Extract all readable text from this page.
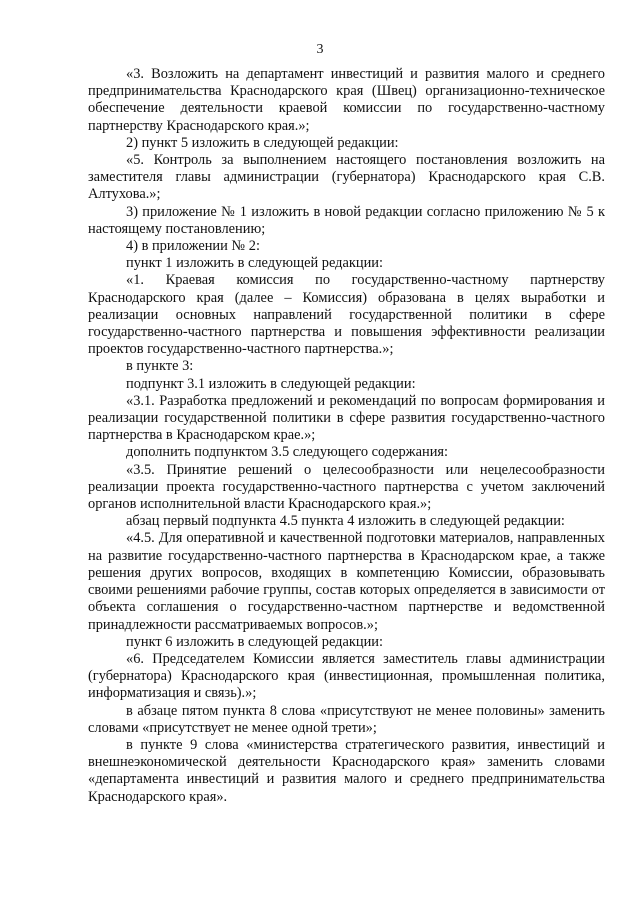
3

«3. Возложить на департамент инвестиций и развития малого и среднего предпринимательства Краснодарского края (Швец) организационно-техническое обеспечение деятельности краевой комиссии по государственно-частному партнерству Краснодарского края.»;

2) пункт 5 изложить в следующей редакции:

«5. Контроль за выполнением настоящего постановления возложить на заместителя главы администрации (губернатора) Краснодарского края С.В. Алтухова.»;

3) приложение № 1 изложить в новой редакции согласно приложению № 5 к настоящему постановлению;

4) в приложении № 2:

пункт 1 изложить в следующей редакции:

«1. Краевая комиссия по государственно-частному партнерству Краснодарского края (далее – Комиссия) образована в целях выработки и реализации основных направлений государственной политики в сфере государственно-частного партнерства и повышения эффективности реализации проектов государственно-частного партнерства.»;

в пункте 3:

подпункт 3.1 изложить в следующей редакции:

«3.1. Разработка предложений и рекомендаций по вопросам формирования и реализации государственной политики в сфере развития государственно-частного партнерства в Краснодарском крае.»;

дополнить подпунктом 3.5 следующего содержания:

«3.5. Принятие решений о целесообразности или нецелесообразности реализации проекта государственно-частного партнерства с учетом заключений органов исполнительной власти Краснодарского края.»;

абзац первый подпункта 4.5 пункта 4 изложить в следующей редакции:

«4.5. Для оперативной и качественной подготовки материалов, направленных на развитие государственно-частного партнерства в Краснодарском крае, а также решения других вопросов, входящих в компетенцию Комиссии, образовывать своими решениями рабочие группы, состав которых определяется в зависимости от объекта соглашения о государственно-частном партнерстве и ведомственной принадлежности рассматриваемых вопросов.»;

пункт 6 изложить в следующей редакции:

«6. Председателем Комиссии является заместитель главы администрации (губернатора) Краснодарского края (инвестиционная, промышленная политика, информатизация и связь).»;

в абзаце пятом пункта 8 слова «присутствуют не менее половины» заменить словами «присутствует не менее одной трети»;

в пункте 9 слова «министерства стратегического развития, инвестиций и внешнеэкономической деятельности Краснодарского края» заменить словами «департамента инвестиций и развития малого и среднего предпринимательства Краснодарского края».
